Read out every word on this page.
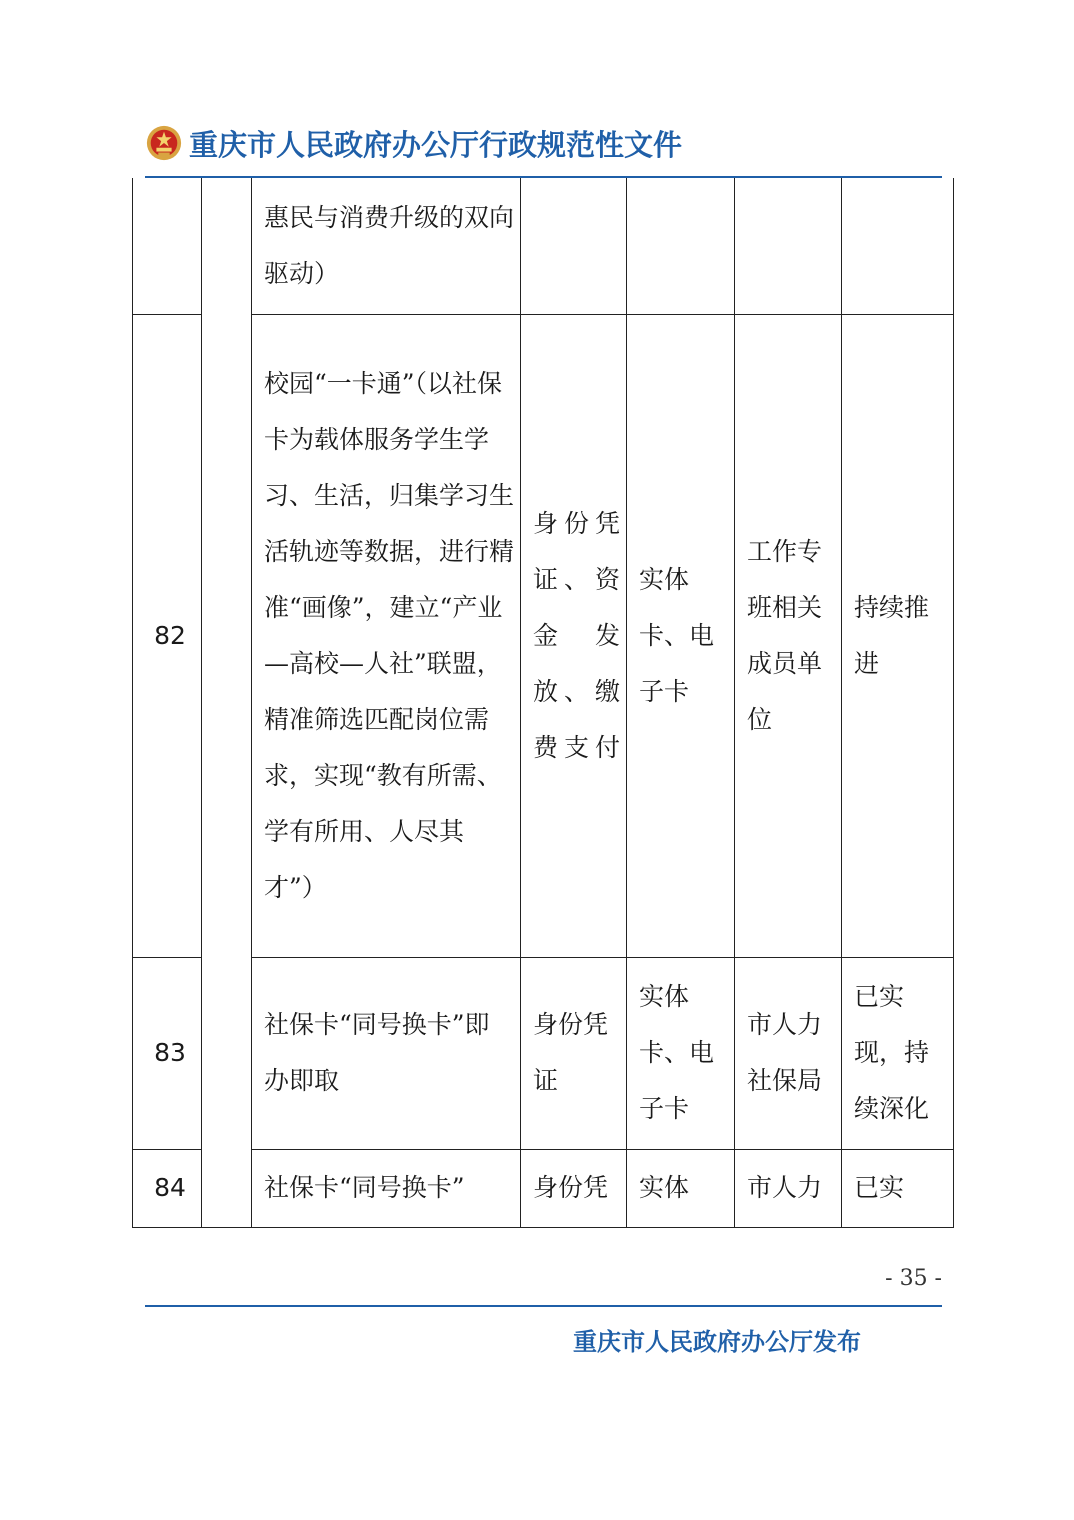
重庆市人民政府办公厅行政规范性文件
		惠民与消费升级的双向驱动）				
82		校园“一卡通”（以社保卡为载体服务学生学习、生活，归集学习生活轨迹等数据，进行精准“画像”，建立“产业—高校—人社”联盟，精准筛选匹配岗位需求，实现“教有所需、学有所用、人尽其才”）	身份凭证、资金发放、缴费支付	实体卡、电子卡	工作专班相关成员单位	持续推进
83		社保卡“同号换卡”即办即取	身份凭证	实体卡、电子卡	市人力社保局	已实现，持续深化
84		社保卡“同号换卡”	身份凭	实体	市人力	已实
- 35 -
重庆市人民政府办公厅发布
